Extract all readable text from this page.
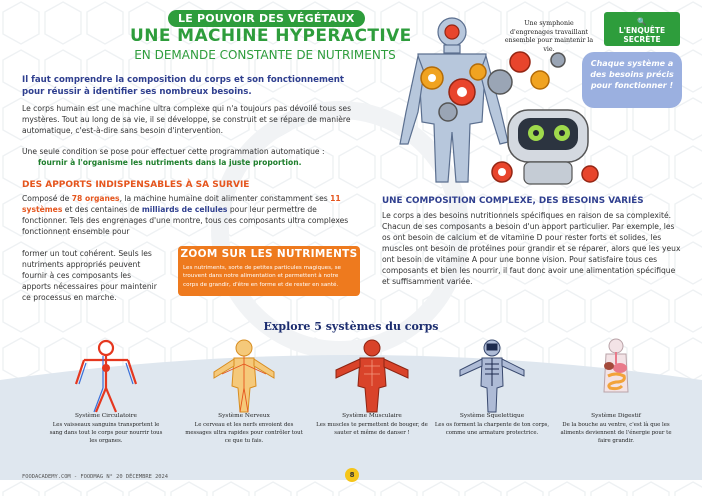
LE POUVOIR DES VÉGÉTAUX
UNE MACHINE HYPERACTIVE
EN DEMANDE CONSTANTE DE NUTRIMENTS
Il faut comprendre la composition du corps et son fonctionnement pour réussir à identifier ses nombreux besoins.
Le corps humain est une machine ultra complexe qui n'a toujours pas dévoilé tous ses mystères. Tout au long de sa vie, il se développe, se construit et se répare de manière automatique, c'est-à-dire sans besoin d'intervention.
Une seule condition se pose pour effectuer cette programmation automatique :
fournir à l'organisme les nutriments dans la juste proportion.
DES APPORTS INDISPENSABLES À SA SURVIE
Composé de 78 organes, la machine humaine doit alimenter constamment ses 11 systèmes et des centaines de milliards de cellules pour leur permettre de fonctionner. Tels des engrenages d'une montre, tous ces composants ultra complexes fonctionnent ensemble pour
former un tout cohérent. Seuls les nutriments appropriés peuvent fournir à ces composants les apports nécessaires pour maintenir ce processus en marche.
ZOOM SUR LES NUTRIMENTS
Les nutriments, sorte de petites particules magiques, se trouvent dans notre alimentation et permettent à notre corps de grandir, d'être en forme et de rester en santé.
Une symphonie d'engrenages travaillant ensemble pour maintenir la vie.
🔍
L'ENQUÊTE
SECRÈTE
Chaque système a des besoins précis pour fonctionner !
UNE COMPOSITION COMPLEXE, DES BESOINS VARIÉS
Le corps a des besoins nutritionnels spécifiques en raison de sa complexité. Chacun de ses composants a besoin d'un apport particulier. Par exemple, les os ont besoin de calcium et de vitamine D pour rester forts et solides, les muscles ont besoin de protéines pour grandir et se réparer, alors que les yeux ont besoin de vitamine A pour une bonne vision. Pour satisfaire tous ces composants et bien les nourrir, il faut donc avoir une alimentation spécifique et suffisamment variée.
Explore 5 systèmes du corps
Système Circulatoire
Les vaisseaux sanguins transportent le sang dans tout le corps pour nourrir tous les organes.
Système Nerveux
Le cerveau et les nerfs envoient des messages ultra rapides pour contrôler tout ce que tu fais.
Système Musculaire
Les muscles te permettent de bouger, de sauter et même de danser !
Système Squelettique
Les os forment la charpente de ton corps, comme une armature protectrice.
Système Digestif
De la bouche au ventre, c'est là que les aliments deviennent de l'énergie pour te faire grandir.
FOODACADEMY.COM - FOODMAG N° 20 DÉCEMBRE 2024	8
